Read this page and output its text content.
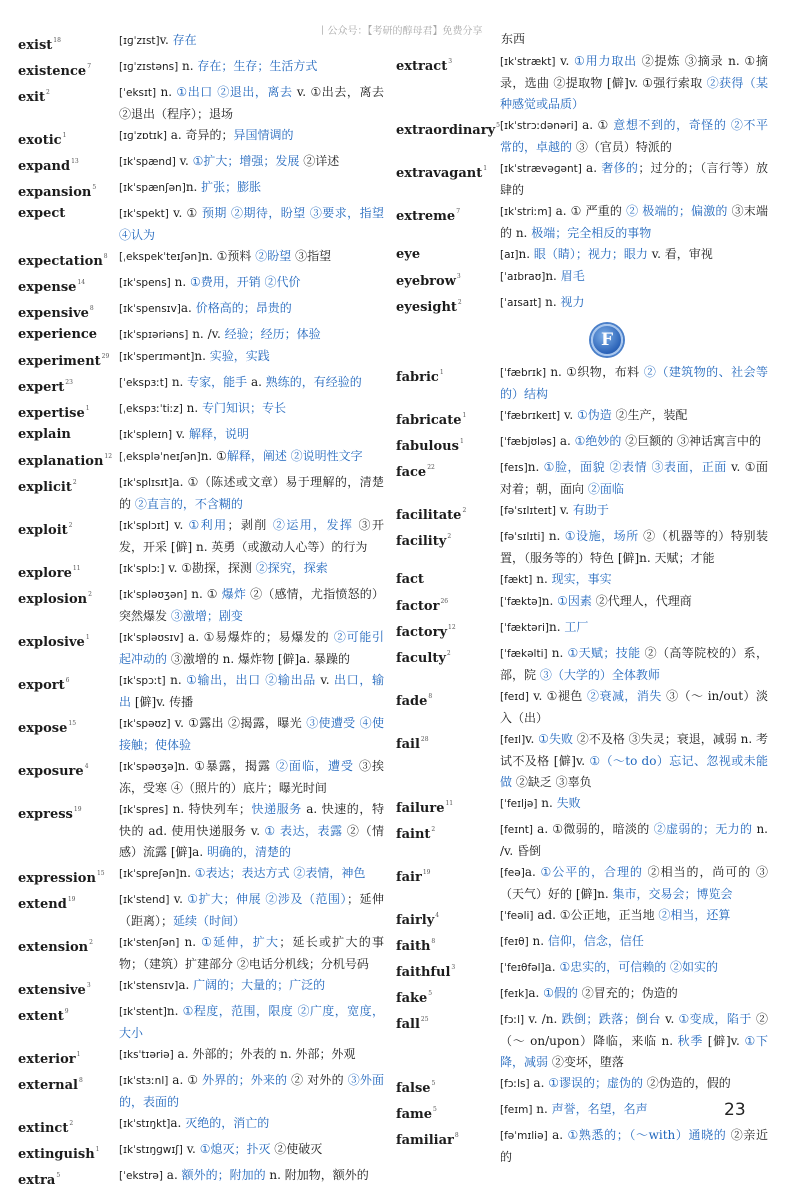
丨公众号：【考研的醇母君】免费分享
exist$^{18}$	[ɪɡˈzɪst]v. 存在
existence$^7$	[ɪɡˈzɪstəns] n. 存在；生存；生活方式
exit$^2$	[ˈeksɪt] n. ①出口 ②退出，离去 v. ①出去，离去 ②退出（程序）；退场
exotic$^1$	[ɪɡˈzɒtɪk] a. 奇异的；异国情调的
expand$^{13}$	[ɪkˈspænd] v. ①扩大；增强；发展 ②详述
expansion$^5$	[ɪkˈspænʃən]n. 扩张；膨胀
expect	[ɪkˈspekt] v. ① 预期 ②期待，盼望 ③要求，指望 ④认为
expectation$^8$	[ˌekspekˈteɪʃən]n. ①预料 ②盼望 ③指望
expense$^{14}$	[ɪkˈspens] n. ①费用，开销 ②代价
expensive$^8$	[ɪkˈspensɪv]a. 价格高的；昂贵的
experience	[ɪkˈspɪəriəns] n. /v. 经验；经历；体验
experiment$^{29}$ [ɪkˈsperɪmənt]n. 实验，实践
expert$^{23}$	[ˈekspɜːt] n. 专家，能手 a. 熟练的，有经验的
expertise$^1$	[ˌekspɜːˈtiːz] n. 专门知识；专长
explain	[ɪkˈspleɪn] v. 解释，说明
explanation$^{12}$ [ˌekspləˈneɪʃən]n. ①解释，阐述 ②说明性文字
explicit$^2$	[ɪkˈsplɪsɪt]a. ①（陈述或文章）易于理解的，清楚的 ②直言的，不含糊的
exploit$^2$	[ɪkˈsplɔɪt] v. ①利用；剥削 ②运用，发挥 ③开发，开采 [僻] n. 英勇（或激动人心等）的行为
explore$^{11}$	[ɪkˈsplɔː] v. ①勘探，探测 ②探究，探索
explosion$^2$	[ɪkˈspləʊʒən] n. ① 爆炸 ②（感情，尤指愤怒的）突然爆发 ③激增；剧变
explosive$^1$	[ɪkˈspləʊsɪv] a. ①易爆炸的；易爆发的 ②可能引起冲动的 ③激增的 n. 爆炸物 [僻]a. 暴躁的
export$^6$	[ɪkˈspɔːt] n. ①输出，出口 ②输出品 v. 出口，输出 [僻]v. 传播
expose$^{15}$	[ɪkˈspəʊz] v. ①露出 ②揭露，曝光 ③使遭受 ④使接触；使体验
exposure$^4$	[ɪkˈspəʊʒə]n. ①暴露，揭露 ②面临，遭受 ③挨冻，受寒 ④（照片的）底片；曝光时间
express$^{19}$	[ɪkˈspres] n. 特快列车；快递服务 a. 快速的，特快的 ad. 使用快递服务 v. ① 表达，表露 ②（情感）流露 [僻]a. 明确的，清楚的
expression$^{15}$	[ɪkˈspreʃən]n. ①表达；表达方式 ②表情，神色
extend$^{19}$	[ɪkˈstend] v. ①扩大；伸展 ②涉及（范围）；延伸（距离）；延续（时间）
extension$^2$	[ɪkˈstenʃən] n. ①延伸，扩大；延长或扩大的事物；（建筑）扩建部分 ②电话分机线；分机号码
extensive$^3$	[ɪkˈstensɪv]a. 广阔的；大量的；广泛的
extent$^9$	[ɪkˈstent]n. ①程度，范围，限度 ②广度，宽度，大小
exterior$^1$	[ɪksˈtɪəriə] a. 外部的；外表的 n. 外部；外观
external$^8$	[ɪkˈstɜːnl] a. ① 外界的；外来的 ② 对外的 ③外面的，表面的
extinct$^2$	[ɪkˈstɪŋkt]a. 灭绝的，消亡的
extinguish$^1$	[ɪkˈstɪŋɡwɪʃ] v. ①熄灭；扑灭 ②使破灭
extra$^5$	[ˈekstrə] a. 额外的；附加的 n. 附加物，额外的
东西
extract$^3$	[ɪkˈstrækt] v. ①用力取出 ②提炼 ③摘录 n. ①摘录，选曲 ②提取物 [僻]v. ①强行索取 ②获得（某种感觉或品质）
extraordinary$^5$ [ɪkˈstrɔːdənəri] a. ① 意想不到的，奇怪的 ②不平常的，卓越的 ③（官员）特派的
extravagant$^1$	[ɪkˈstrævəɡənt] a. 奢侈的；过分的；（言行等）放肆的
extreme$^7$	[ɪkˈstriːm] a. ① 严重的 ② 极端的；偏激的 ③末端的 n. 极端；完全相反的事物
eye	[aɪ]n. 眼（睛）；视力；眼力 v. 看，审视
eyebrow$^3$	[ˈaɪbraʊ]n. 眉毛
eyesight$^2$	[ˈaɪsaɪt] n. 视力
F
fabric$^1$	[ˈfæbrɪk] n. ①织物，布料 ②（建筑物的、社会等的）结构
fabricate$^1$	[ˈfæbrɪkeɪt] v. ①伪造 ②生产，装配
fabulous$^1$	[ˈfæbjʊləs] a. ①绝妙的 ②巨额的 ③神话寓言中的
face$^{22}$	[feɪs]n. ①脸，面貌 ②表情 ③表面，正面 v. ①面对着；朝，面向 ②面临
facilitate$^2$	[fəˈsɪlɪteɪt] v. 有助于
facility$^2$	[fəˈsɪlɪti] n. ①设施，场所 ②（机器等的）特别装置，（服务等的）特色 [僻]n. 天赋；才能
fact	[fækt] n. 现实，事实
factor$^{26}$	[ˈfæktə]n. ①因素 ②代理人，代理商
factory$^{12}$	[ˈfæktəri]n. 工厂
faculty$^2$	[ˈfækəlti] n. ①天赋；技能 ②（高等院校的）系，部，院 ③（大学的）全体教师
fade$^8$	[feɪd] v. ①褪色 ②衰减，消失 ③（～ in/out）淡入（出）
fail$^{28}$	[feɪl]v. ①失败 ②不及格 ③失灵；衰退，减弱 n. 考试不及格 [僻]v. ①（～to do）忘记、忽视或未能做 ②缺乏 ③辜负
failure$^{11}$	[ˈfeɪljə] n. 失败
faint$^2$	[feɪnt] a. ①微弱的，暗淡的 ②虚弱的；无力的 n. /v. 昏倒
fair$^{19}$	[feə]a. ①公平的，合理的 ②相当的，尚可的 ③（天气）好的 [僻]n. 集市，交易会；博览会
fairly$^4$	[ˈfeəli] ad. ①公正地，正当地 ②相当，还算
faith$^8$	[feɪθ] n. 信仰，信念，信任
faithful$^3$	[ˈfeɪθfəl]a. ①忠实的，可信赖的 ②如实的
fake$^5$	[feɪk]a. ①假的 ②冒充的；伪造的
fall$^{25}$	[fɔːl] v. /n. 跌倒；跌落；倒台 v. ①变成，陷于 ②（～ on/upon）降临，来临 n. 秋季 [僻]v. ①下降，减弱 ②变坏，堕落
false$^5$	[fɔːls] a. ①谬误的；虚伪的 ②伪造的，假的
fame$^5$	[feɪm] n. 声誉，名望，名声
familiar$^8$	[fəˈmɪliə] a. ①熟悉的；（～with）通晓的 ②亲近的
23
